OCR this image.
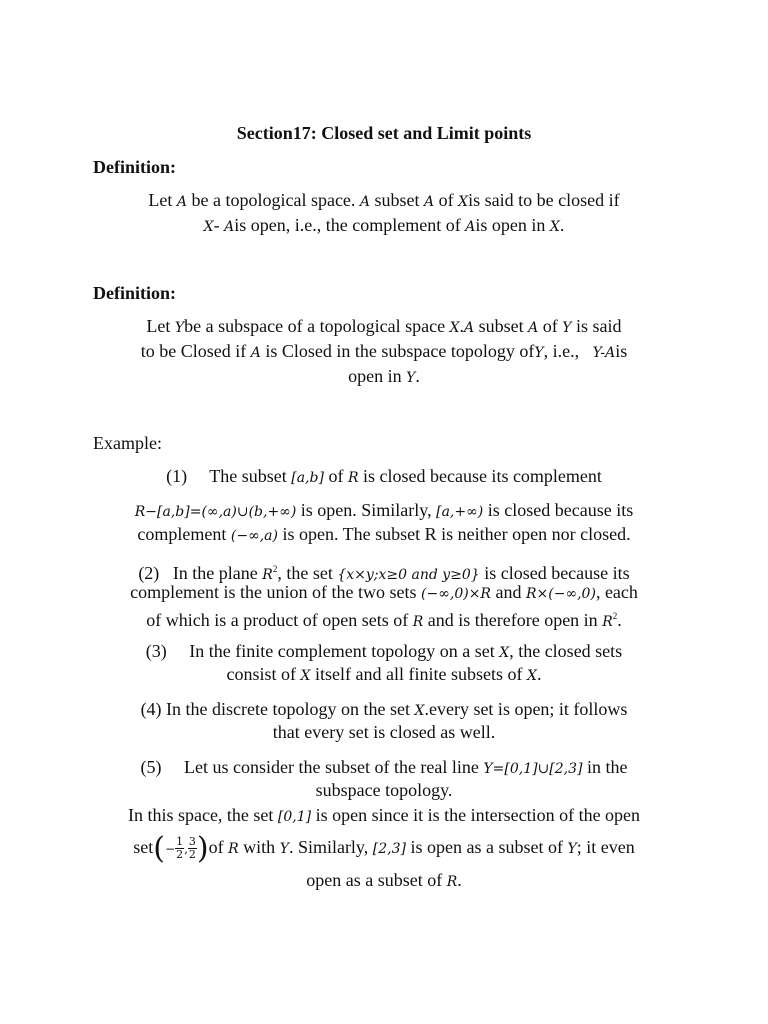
Section17: Closed set and Limit points
Definition:
Let A be a topological space. A subset A of Xis said to be closed if
X- Ais open, i.e., the complement of Ais open in X.
Definition:
Let Ybe a subspace of a topological space X.A subset A of Y is said
to be Closed if A is Closed in the subspace topology ofY, i.e., Y-Ais
open in Y.
Example:
(1) The subset [a,b] of R is closed because its complement
R−[a,b]=(∞,a)∪(b,+∞) is open. Similarly, [a,+∞) is closed because its
complement (−∞,a) is open. The subset R is neither open nor closed.
(2) In the plane $R^2$, the set {x×y;x≥0 and y≥0} is closed because its
complement is the union of the two sets (−∞,0)×R and R×(−∞,0), each
of which is a product of open sets of R and is therefore open in $R^2$.
(3) In the finite complement topology on a set X, the closed sets
consist of X itself and all finite subsets of X.
(4) In the discrete topology on the set X.every set is open; it follows
that every set is closed as well.
(5) Let us consider the subset of the real line Y=[0,1]∪[2,3] in the
subspace topology.
In this space, the set [0,1] is open since it is the intersection of the open
$set(- \frac{1}{2}$ , $\frac{3}{2} )of$ R with Y. Similarly, [2,3] is open as a subset of Y; it even
open as a subset of R.
